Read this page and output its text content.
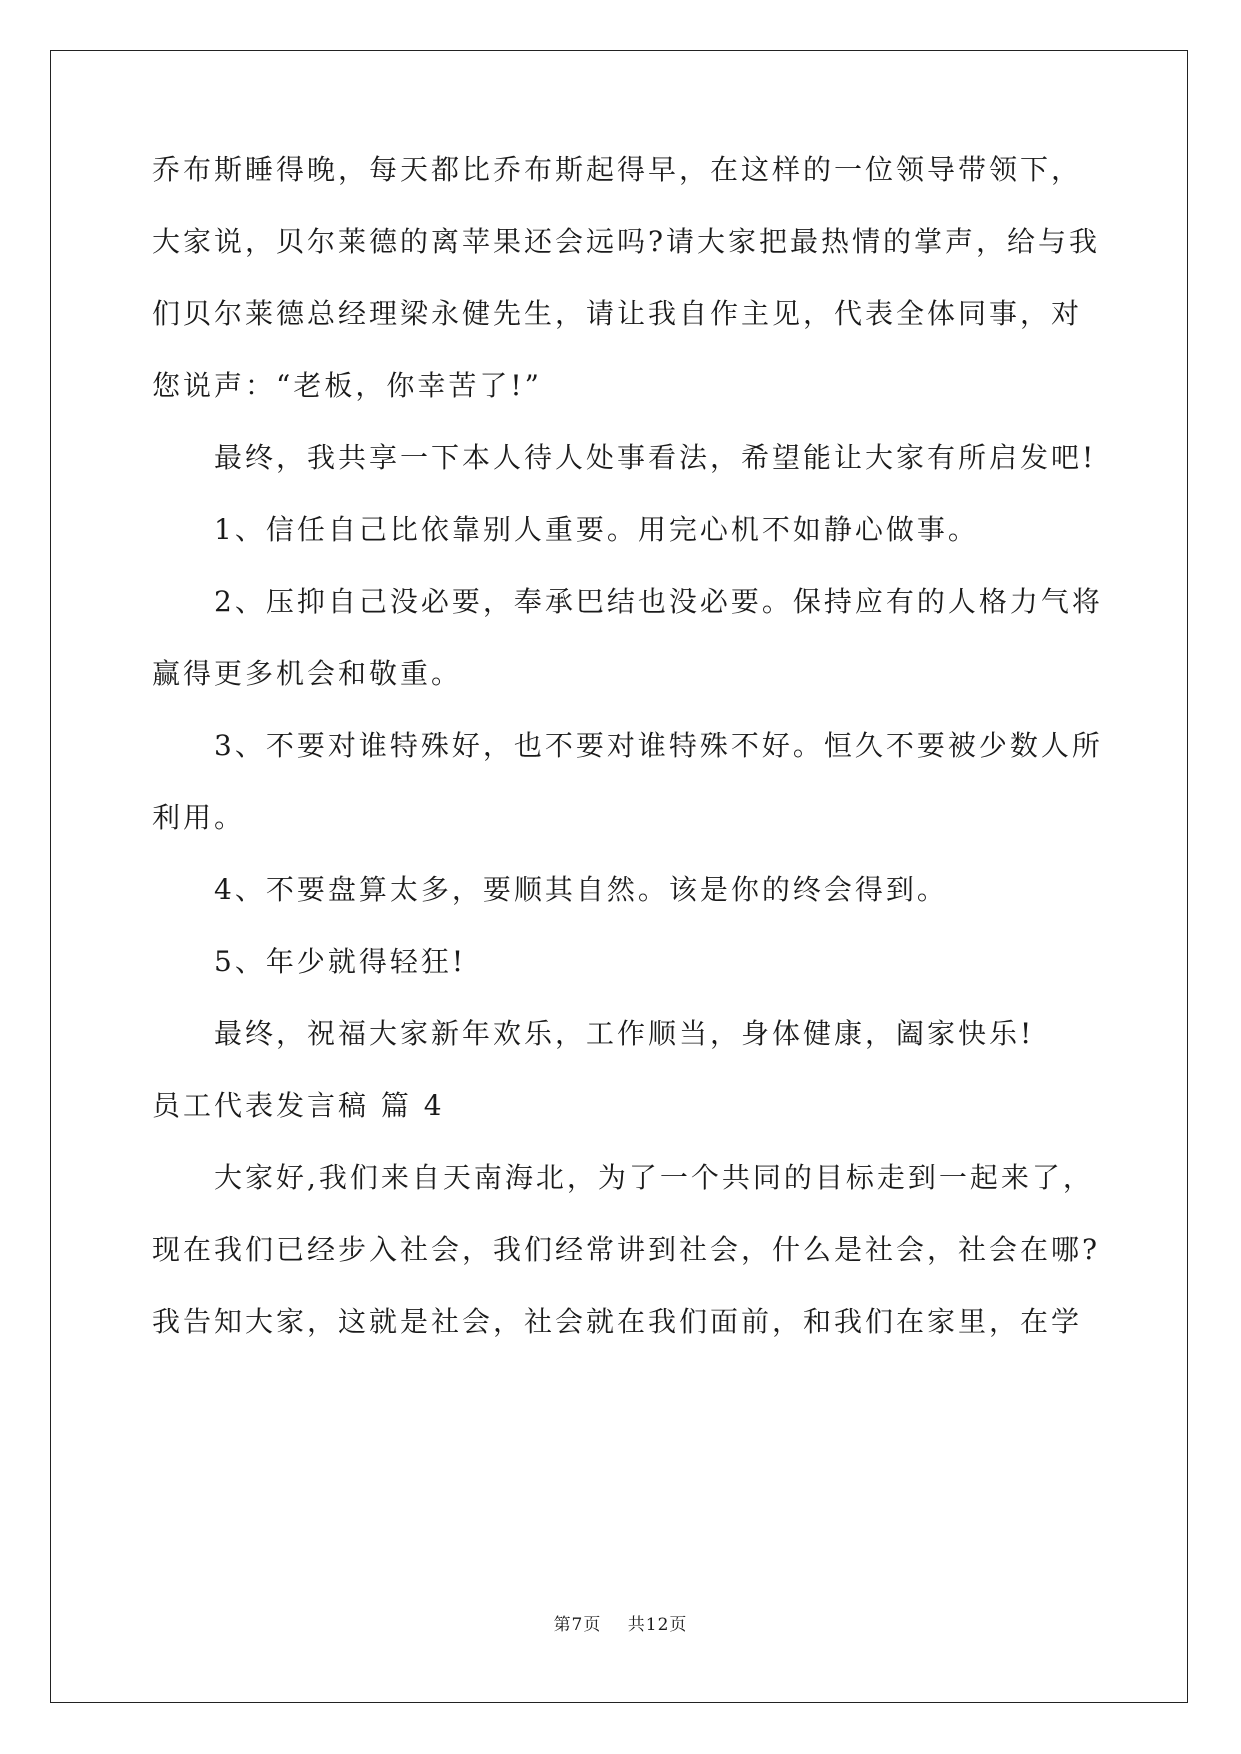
乔布斯睡得晚，每天都比乔布斯起得早，在这样的一位领导带领下，
大家说，贝尔莱德的离苹果还会远吗?请大家把最热情的掌声，给与我
们贝尔莱德总经理梁永健先生，请让我自作主见，代表全体同事，对
您说声：“老板，你幸苦了!”
最终，我共享一下本人待人处事看法，希望能让大家有所启发吧!
1、信任自己比依靠别人重要。用完心机不如静心做事。
2、压抑自己没必要，奉承巴结也没必要。保持应有的人格力气将
赢得更多机会和敬重。
3、不要对谁特殊好，也不要对谁特殊不好。恒久不要被少数人所
利用。
4、不要盘算太多，要顺其自然。该是你的终会得到。
5、年少就得轻狂!
最终，祝福大家新年欢乐，工作顺当，身体健康，阖家快乐!
员工代表发言稿 篇 4
大家好,我们来自天南海北，为了一个共同的目标走到一起来了，
现在我们已经步入社会，我们经常讲到社会，什么是社会，社会在哪?
我告知大家，这就是社会，社会就在我们面前，和我们在家里，在学
第7页 共12页
